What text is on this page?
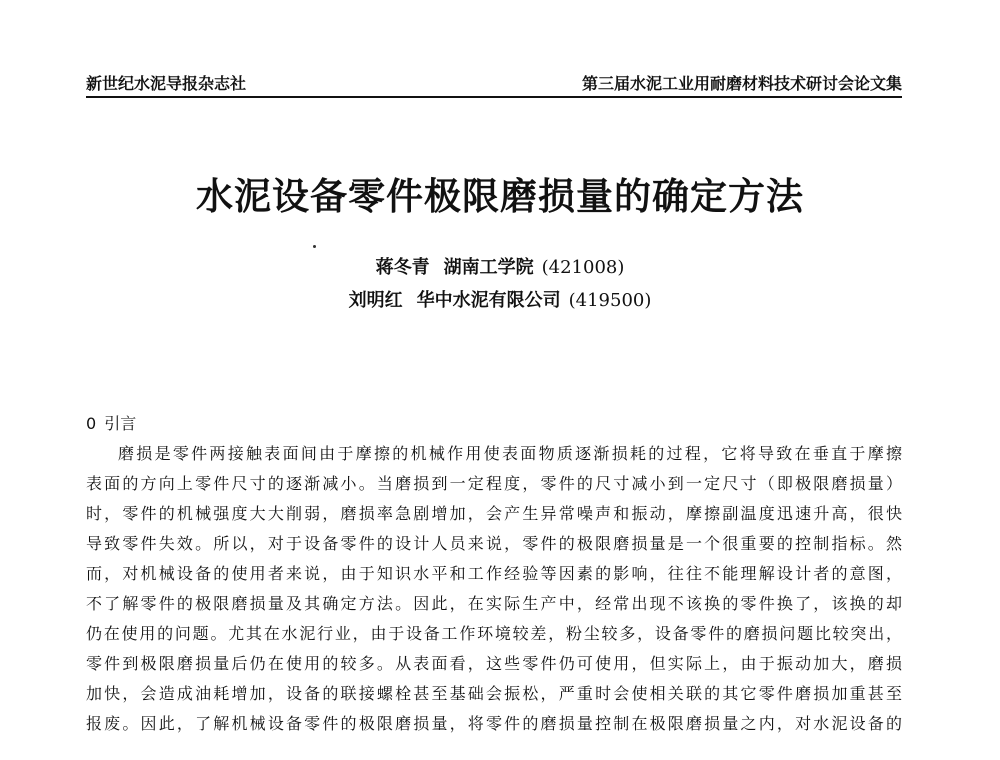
新世纪水泥导报杂志社	第三届水泥工业用耐磨材料技术研讨会论文集
水泥设备零件极限磨损量的确定方法
蒋冬青 湖南工学院 (421008)
刘明红 华中水泥有限公司 (419500)
0 引言
磨损是零件两接触表面间由于摩擦的机械作用使表面物质逐渐损耗的过程，它将导致在垂直于摩擦
表面的方向上零件尺寸的逐渐减小。当磨损到一定程度，零件的尺寸减小到一定尺寸（即极限磨损量）
时，零件的机械强度大大削弱，磨损率急剧增加，会产生异常噪声和振动，摩擦副温度迅速升高，很快
导致零件失效。所以，对于设备零件的设计人员来说，零件的极限磨损量是一个很重要的控制指标。然
而，对机械设备的使用者来说，由于知识水平和工作经验等因素的影响，往往不能理解设计者的意图，
不了解零件的极限磨损量及其确定方法。因此，在实际生产中，经常出现不该换的零件换了，该换的却
仍在使用的问题。尤其在水泥行业，由于设备工作环境较差，粉尘较多，设备零件的磨损问题比较突出，
零件到极限磨损量后仍在使用的较多。从表面看，这些零件仍可使用，但实际上，由于振动加大，磨损
加快，会造成油耗增加，设备的联接螺栓甚至基础会振松，严重时会使相关联的其它零件磨损加重甚至
报废。因此，了解机械设备零件的极限磨损量，将零件的磨损量控制在极限磨损量之内，对水泥设备的
